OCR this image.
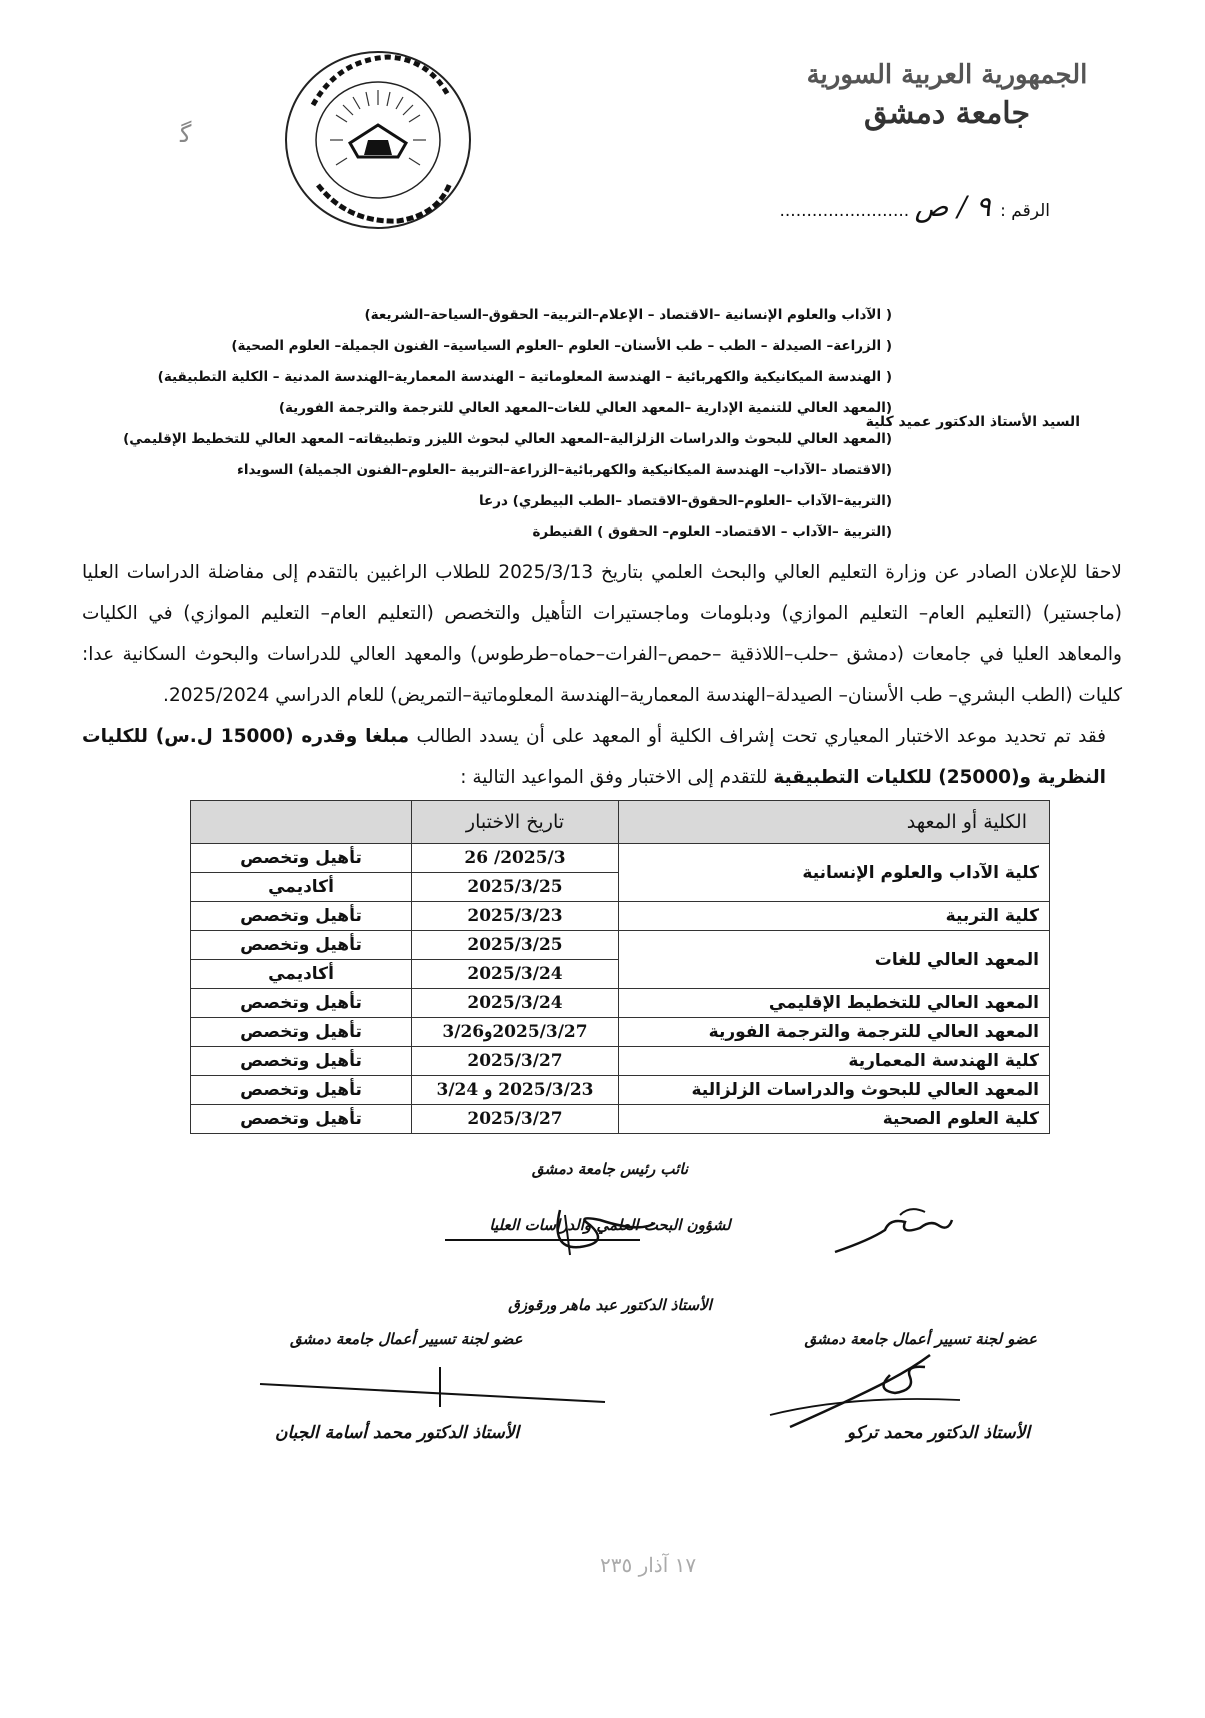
ﮔ
الجمهورية العربية السورية
جامعة دمشق
الرقم : ٩ / ص ........................
( الآداب والعلوم الإنسانية –الاقتصاد – الإعلام–التربية– الحقوق–السياحة–الشريعة)
( الزراعة– الصيدلة – الطب – طب الأسنان– العلوم –العلوم السياسية– الفنون الجميلة– العلوم الصحية)
( الهندسة الميكانيكية والكهربائية – الهندسة المعلوماتية – الهندسة المعمارية–الهندسة المدنية – الكلية التطبيقية)
(المعهد العالي للتنمية الإدارية –المعهد العالي للغات–المعهد العالي للترجمة والترجمة الفورية)
(المعهد العالي للبحوث والدراسات الزلزالية–المعهد العالي لبحوث الليزر وتطبيقاته– المعهد العالي للتخطيط الإقليمي)
(الاقتصاد –الآداب– الهندسة الميكانيكية والكهربائية–الزراعة–التربية –العلوم–الفنون الجميلة) السويداء
(التربية–الآداب –العلوم–الحقوق–الاقتصاد –الطب البيطري) درعا
(التربية –الآداب – الاقتصاد– العلوم– الحقوق ) القنيطرة
السيد الأستاذ الدكتور عميد كلية

لاحقا للإعلان الصادر عن وزارة التعليم العالي والبحث العلمي بتاريخ 2025/3/13 للطلاب الراغبين بالتقدم إلى مفاضلة الدراسات العليا (ماجستير) (التعليم العام– التعليم الموازي) ودبلومات وماجستيرات التأهيل والتخصص (التعليم العام– التعليم الموازي) في الكليات والمعاهد العليا في جامعات (دمشق –حلب–اللاذقية –حمص–الفرات–حماه–طرطوس) والمعهد العالي للدراسات والبحوث السكانية عدا: كليات (الطب البشري– طب الأسنان– الصيدلة–الهندسة المعمارية–الهندسة المعلوماتية–التمريض) للعام الدراسي 2025/2024.

فقد تم تحديد موعد الاختبار المعياري تحت إشراف الكلية أو المعهد على أن يسدد الطالب مبلغا وقدره (15000 ل.س) للكليات النظرية و(25000) للكليات التطبيقية للتقدم إلى الاختبار وفق المواعيد التالية :

الكلية أو المعهد	تاريخ الاختبار	
كلية الآداب والعلوم الإنسانية	2025/3/ 26	تأهيل وتخصص
	2025/3/25	أكاديمي
كلية التربية	2025/3/23	تأهيل وتخصص
المعهد العالي للغات	2025/3/25	تأهيل وتخصص
	2025/3/24	أكاديمي
المعهد العالي للتخطيط الإقليمي	2025/3/24	تأهيل وتخصص
المعهد العالي للترجمة والترجمة الفورية	2025/3/27و3/26	تأهيل وتخصص
كلية الهندسة المعمارية	2025/3/27	تأهيل وتخصص
المعهد العالي للبحوث والدراسات الزلزالية	2025/3/23 و 3/24	تأهيل وتخصص
كلية العلوم الصحية	2025/3/27	تأهيل وتخصص
نائب رئيس جامعة دمشق
لشؤون البحث العلمي والدراسات العليا
الأستاذ الدكتور عبد ماهر ورقوزق
عضو لجنة تسيير أعمال جامعة دمشق
الأستاذ الدكتور محمد أسامة الجبان
عضو لجنة تسيير أعمال جامعة دمشق
الأستاذ الدكتور محمد تركو
١٧ آذار ٢٣٥
